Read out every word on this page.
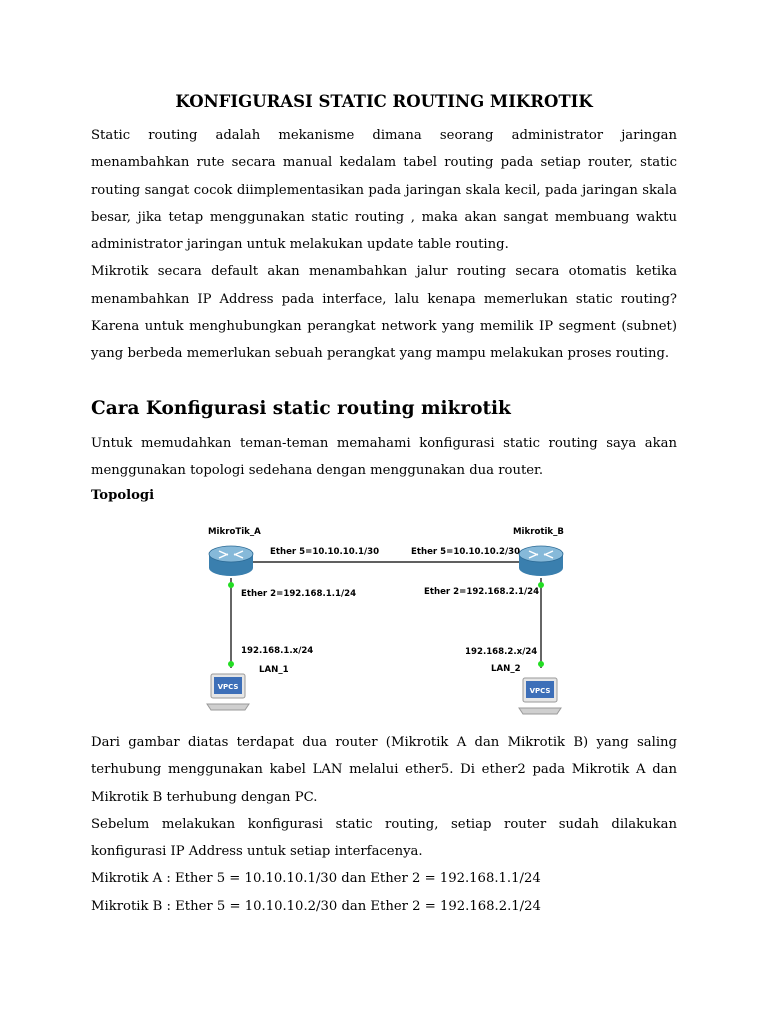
KONFIGURASI STATIC ROUTING MIKROTIK

Static routing adalah mekanisme dimana seorang administrator jaringan menambahkan rute secara manual kedalam tabel routing pada setiap router, static routing sangat cocok diimplementasikan pada jaringan skala kecil, pada jaringan skala besar, jika tetap menggunakan static routing , maka akan sangat membuang waktu administrator jaringan untuk melakukan update table routing.

Mikrotik secara default akan menambahkan jalur routing secara otomatis ketika menambahkan IP Address pada interface, lalu kenapa memerlukan static routing? Karena untuk menghubungkan perangkat network yang memilik IP segment (subnet) yang berbeda memerlukan sebuah perangkat yang mampu melakukan proses routing.

Cara Konfigurasi static routing mikrotik

Untuk memudahkan teman-teman memahami konfigurasi static routing saya akan menggunakan topologi sedehana dengan menggunakan dua router.

Topologi
VPCS	VPCS
MikroTik_A	Mikrotik_B
Ether 5=10.10.10.1/30	Ether 5=10.10.10.2/30
Ether 2=192.168.1.1/24	Ether 2=192.168.2.1/24
192.168.1.x/24
LAN_1
192.168.2.x/24
LAN_2

Dari gambar diatas terdapat dua router (Mikrotik A dan Mikrotik B) yang saling terhubung menggunakan kabel LAN melalui ether5. Di ether2 pada Mikrotik A dan Mikrotik B terhubung dengan PC.

Sebelum melakukan konfigurasi static routing, setiap router sudah dilakukan konfigurasi IP Address untuk setiap interfacenya.

Mikrotik A : Ether 5 = 10.10.10.1/30 dan Ether 2 = 192.168.1.1/24

Mikrotik B : Ether 5 = 10.10.10.2/30 dan Ether 2 = 192.168.2.1/24
